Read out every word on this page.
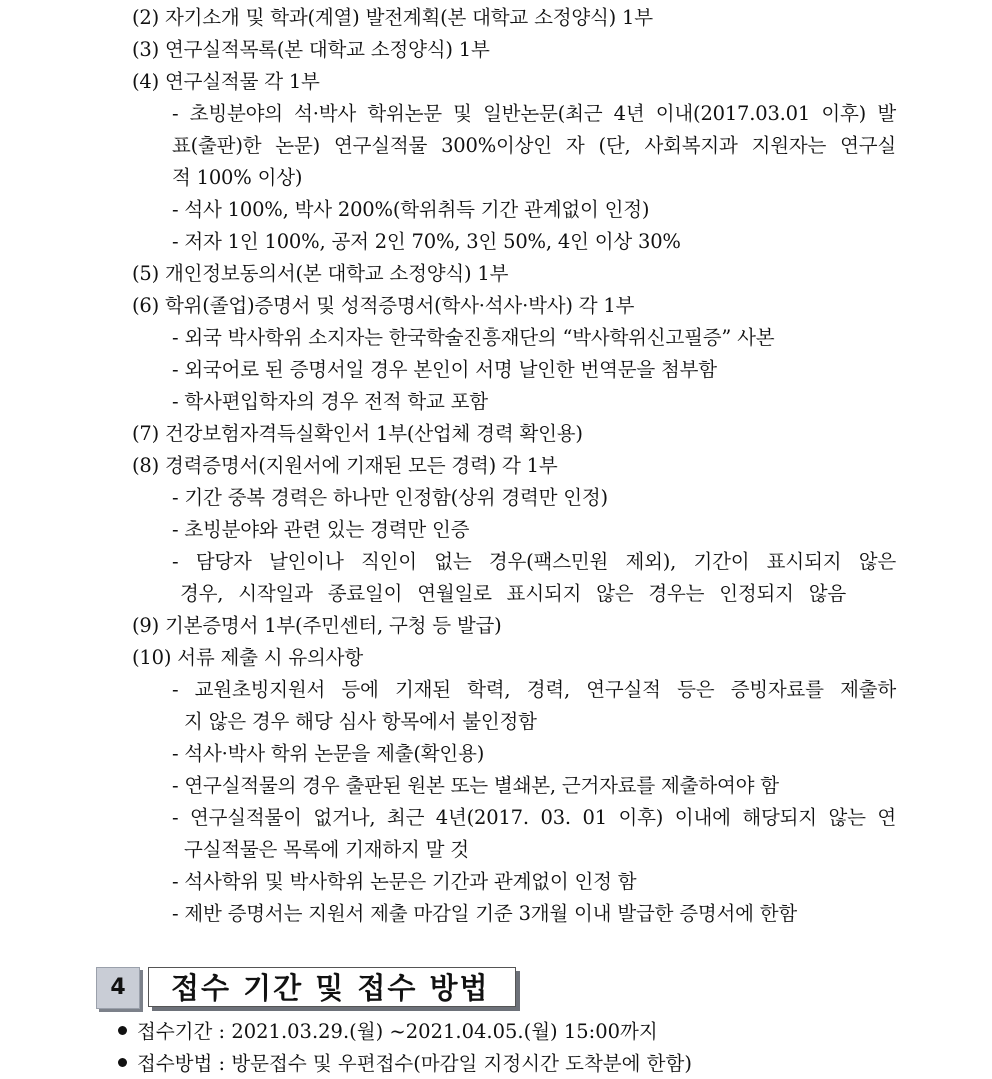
(2) 자기소개 및 학과(계열) 발전계획(본 대학교 소정양식) 1부
(3) 연구실적목록(본 대학교 소정양식) 1부
(4) 연구실적물 각 1부
- 초빙분야의 석·박사 학위논문 및 일반논문(최근 4년 이내(2017.03.01 이후) 발
표(출판)한 논문) 연구실적물 300%이상인 자 (단, 사회복지과 지원자는 연구실
적 100% 이상)
- 석사 100%, 박사 200%(학위취득 기간 관계없이 인정)
- 저자 1인 100%, 공저 2인 70%, 3인 50%, 4인 이상 30%
(5) 개인정보동의서(본 대학교 소정양식) 1부
(6) 학위(졸업)증명서 및 성적증명서(학사·석사·박사) 각 1부
- 외국 박사학위 소지자는 한국학술진흥재단의 “박사학위신고필증” 사본
- 외국어로 된 증명서일 경우 본인이 서명 날인한 번역문을 첨부함
- 학사편입학자의 경우 전적 학교 포함
(7) 건강보험자격득실확인서 1부(산업체 경력 확인용)
(8) 경력증명서(지원서에 기재된 모든 경력) 각 1부
- 기간 중복 경력은 하나만 인정함(상위 경력만 인정)
- 초빙분야와 관련 있는 경력만 인증
- 담당자 날인이나 직인이 없는 경우(팩스민원 제외), 기간이 표시되지 않은
경우, 시작일과 종료일이 연월일로 표시되지 않은 경우는 인정되지 않음
(9) 기본증명서 1부(주민센터, 구청 등 발급)
(10) 서류 제출 시 유의사항
- 교원초빙지원서 등에 기재된 학력, 경력, 연구실적 등은 증빙자료를 제출하
지 않은 경우 해당 심사 항목에서 불인정함
- 석사·박사 학위 논문을 제출(확인용)
- 연구실적물의 경우 출판된 원본 또는 별쇄본, 근거자료를 제출하여야 함
- 연구실적물이 없거나, 최근 4년(2017. 03. 01 이후) 이내에 해당되지 않는 연
구실적물은 목록에 기재하지 말 것
- 석사학위 및 박사학위 논문은 기간과 관계없이 인정 함
- 제반 증명서는 지원서 제출 마감일 기준 3개월 이내 발급한 증명서에 한함
4	접수 기간 및 접수 방법
접수기간 : 2021.03.29.(월) ~2021.04.05.(월) 15:00까지
접수방법 : 방문접수 및 우편접수(마감일 지정시간 도착분에 한함)
